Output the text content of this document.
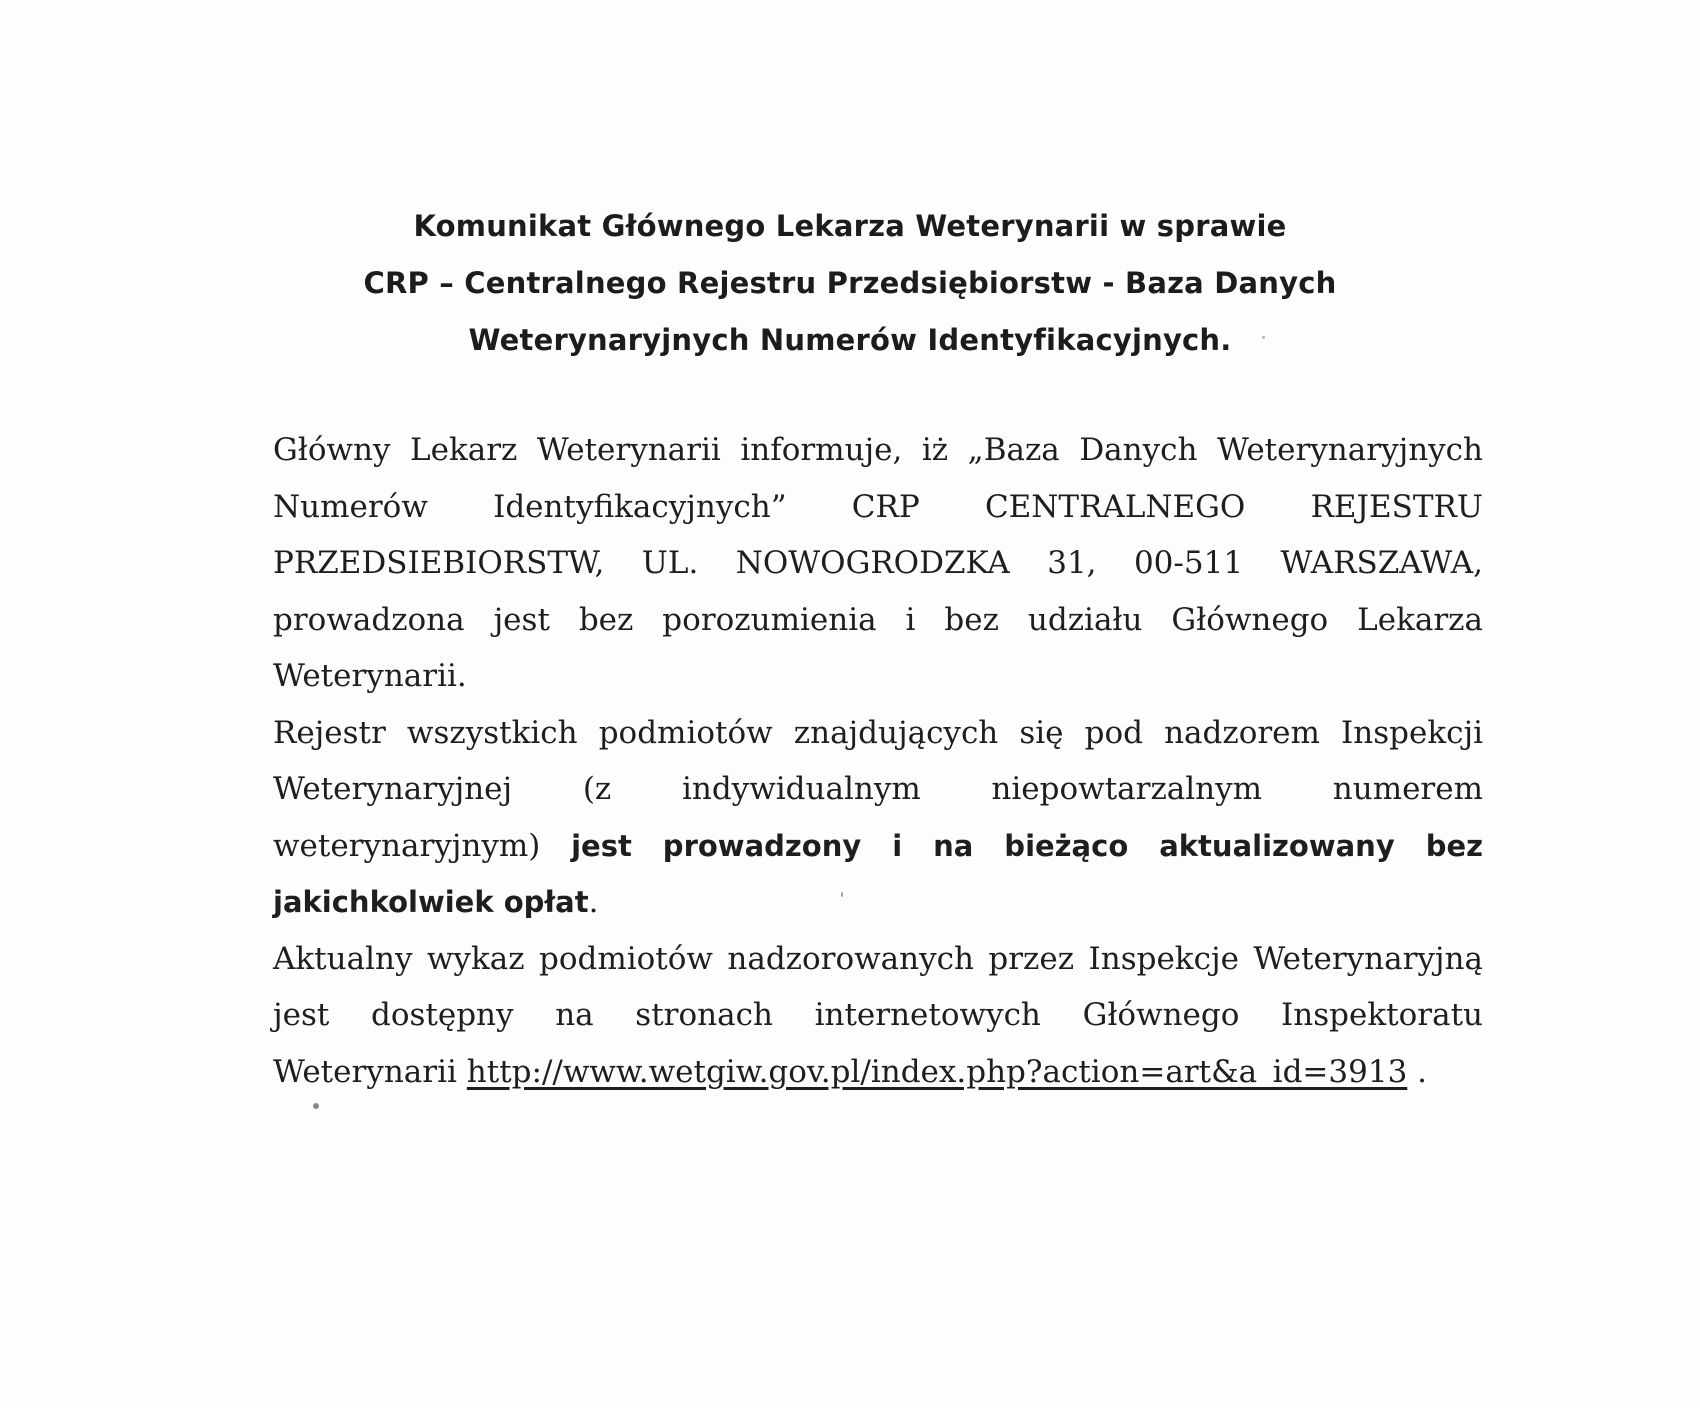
Komunikat Głównego Lekarza Weterynarii w sprawie
CRP – Centralnego Rejestru Przedsiębiorstw - Baza Danych
Weterynaryjnych Numerów Identyfikacyjnych.

Główny Lekarz Weterynarii informuje, iż „Baza Danych Weterynaryjnych Numerów Identyfikacyjnych” CRP CENTRALNEGO REJESTRU PRZEDSIEBIORSTW, UL. NOWOGRODZKA 31, 00-511 WARSZAWA, prowadzona jest bez porozumienia i bez udziału Głównego Lekarza Weterynarii.

Rejestr wszystkich podmiotów znajdujących się pod nadzorem Inspekcji Weterynaryjnej (z indywidualnym niepowtarzalnym numerem weterynaryjnym) jest prowadzony i na bieżąco aktualizowany bez jakichkolwiek opłat.

Aktualny wykaz podmiotów nadzorowanych przez Inspekcje Weterynaryjną jest dostępny na stronach internetowych Głównego Inspektoratu Weterynarii http://www.wetgiw.gov.pl/index.php?action=art&a_id=3913 .
